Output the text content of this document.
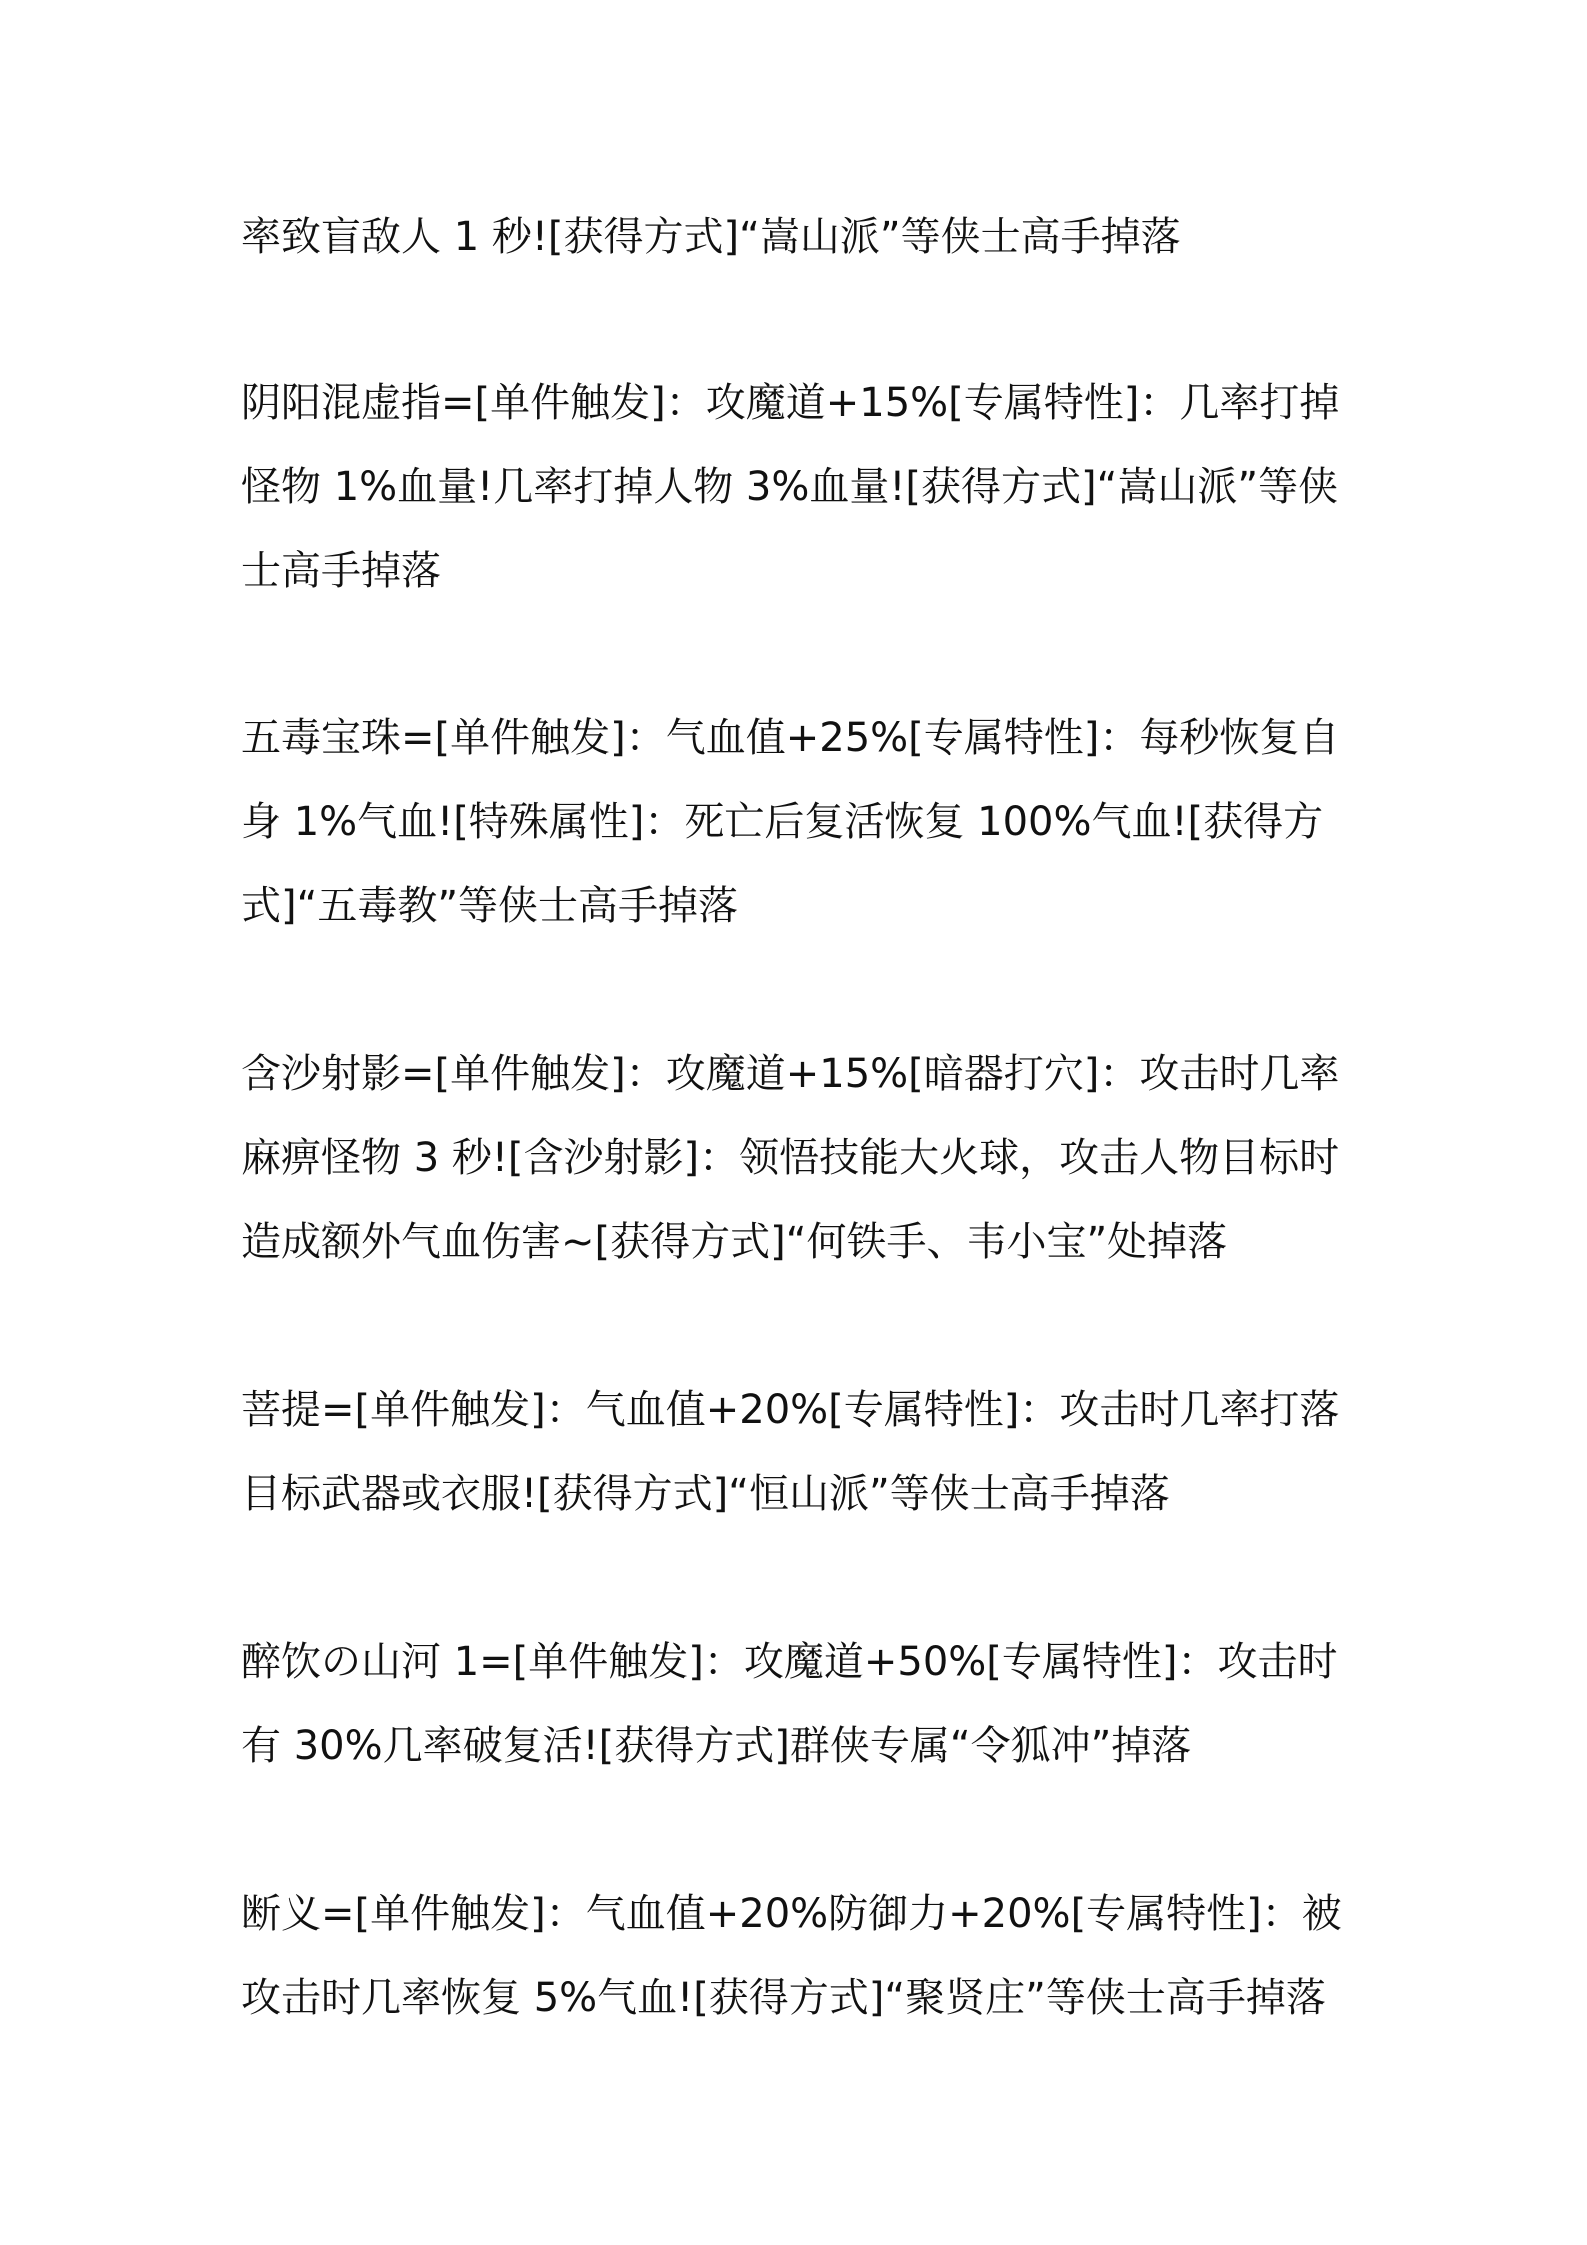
率致盲敌人 1 秒![获得方式]“嵩山派”等侠士高手掉落
阴阳混虚指=[单件触发]：攻魔道+15%[专属特性]：几率打掉怪物 1%血量!几率打掉人物 3%血量![获得方式]“嵩山派”等侠士高手掉落
五毒宝珠=[单件触发]：气血值+25%[专属特性]：每秒恢复自身 1%气血![特殊属性]：死亡后复活恢复 100%气血![获得方式]“五毒教”等侠士高手掉落
含沙射影=[单件触发]：攻魔道+15%[暗器打穴]：攻击时几率麻痹怪物 3 秒![含沙射影]：领悟技能大火球，攻击人物目标时造成额外气血伤害~[获得方式]“何铁手、韦小宝”处掉落
菩提=[单件触发]：气血值+20%[专属特性]：攻击时几率打落目标武器或衣服![获得方式]“恒山派”等侠士高手掉落
醉饮の山河 1=[单件触发]：攻魔道+50%[专属特性]：攻击时有 30%几率破复活![获得方式]群侠专属“令狐冲”掉落
断义=[单件触发]：气血值+20%防御力+20%[专属特性]：被攻击时几率恢复 5%气血![获得方式]“聚贤庄”等侠士高手掉落
